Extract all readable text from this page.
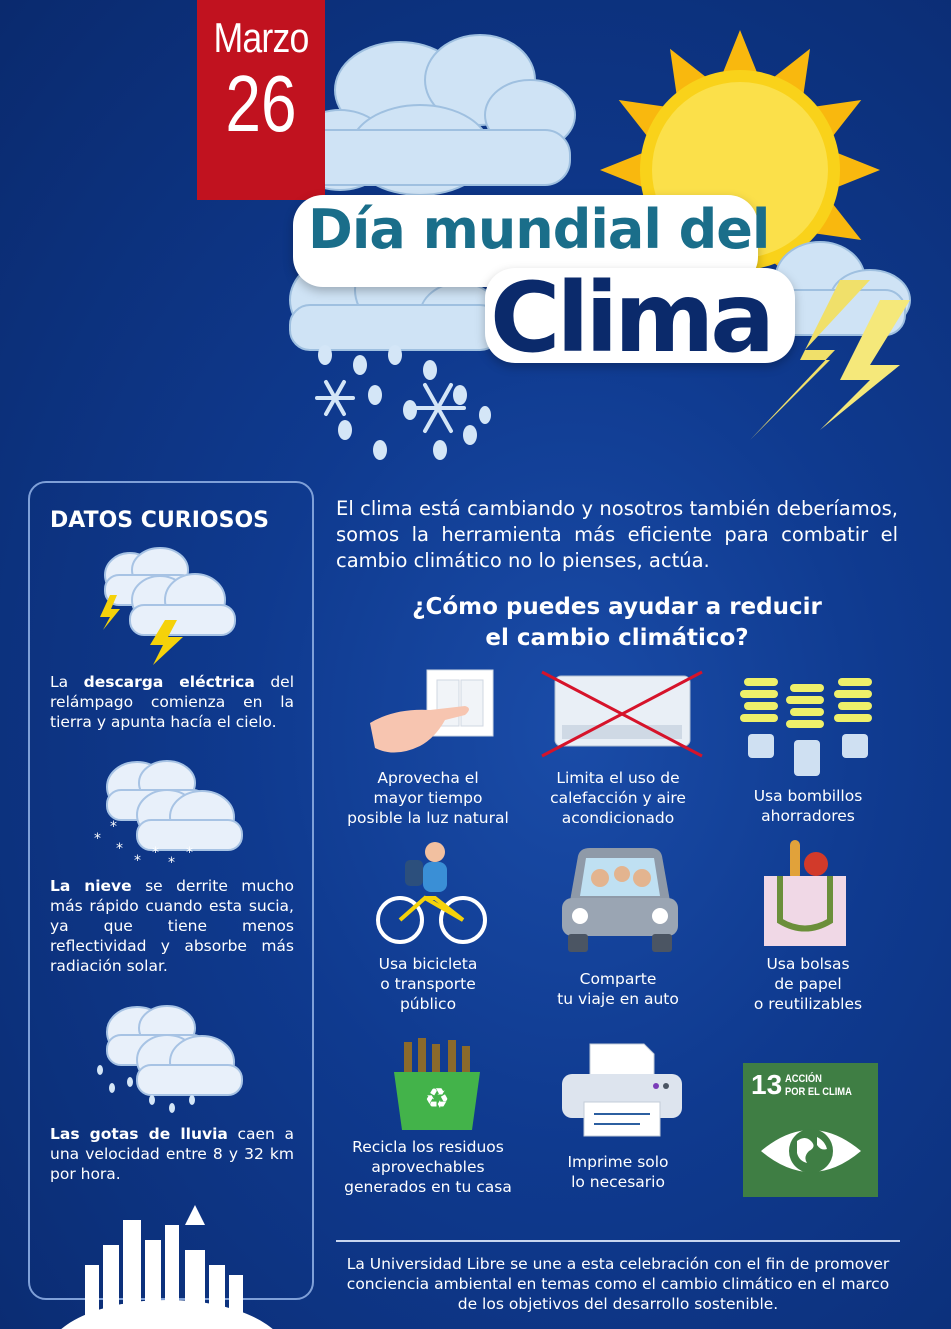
Marzo
26
Día mundial del
Clima
DATOS CURIOSOS
La descarga eléctrica del relámpago comienza en la tierra y apunta hacía el cielo.
*
*
*
* *
*
*
La nieve se derrite mucho más rápido cuando esta sucia, ya que tiene menos reflectividad y absorbe más radiación solar.
Las gotas de lluvia caen a una velocidad entre 8 y 32 km por hora.
El clima está cambiando y nosotros también deberíamos, somos la herramienta más eficiente para combatir el cambio climático no lo pienses, actúa.
¿Cómo puedes ayudar a reducir
el cambio climático?
♻
Aprovecha el
mayor tiempo
posible la luz natural
Limita el uso de
calefacción y aire
acondicionado
Usa bombillos
ahorradores
Usa bicicleta
o transporte
público
Comparte
tu viaje en auto
Usa bolsas
de papel
o reutilizables
Recicla los residuos
aprovechables
generados en tu casa
Imprime solo
lo necesario
13 ACCIÓN
POR EL CLIMA
La Universidad Libre se une a esta celebración con el fin de promover conciencia ambiental en temas como el cambio climático en el marco de los objetivos del desarrollo sostenible.
